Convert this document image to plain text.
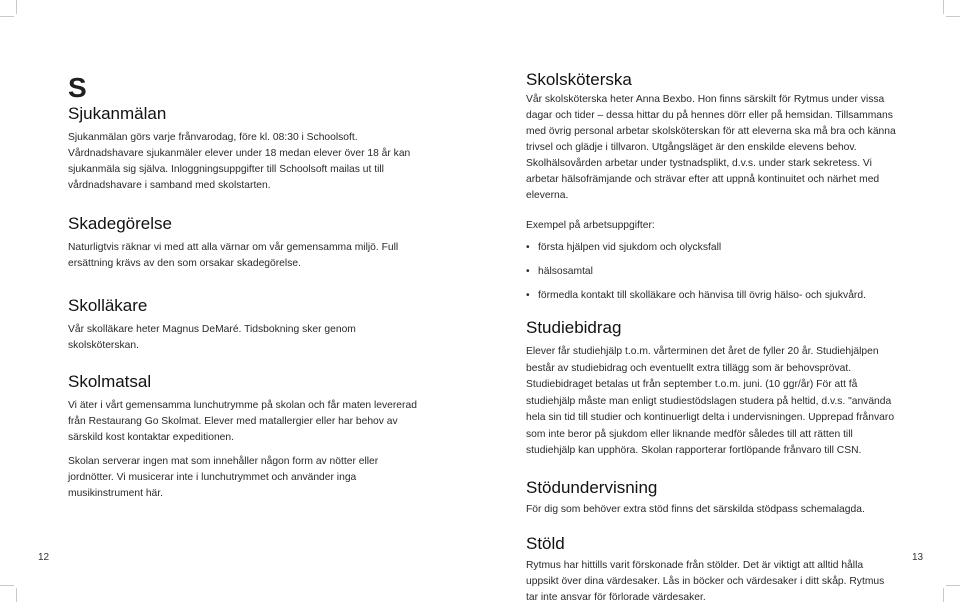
S
Sjukanmälan

Sjukanmälan görs varje frånvarodag, före kl. 08:30 i Schoolsoft. Vårdnadshavare sjukanmäler elever under 18 medan elever över 18 år kan sjukanmäla sig själva. Inloggningsuppgifter till Schoolsoft mailas ut till vårdnadshavare i samband med skolstarten.

Skadegörelse

Naturligtvis räknar vi med att alla värnar om vår gemensamma miljö. Full ersättning krävs av den som orsakar skadegörelse.

Skolläkare

Vår skolläkare heter Magnus DeMaré. Tidsbokning sker genom skolsköterskan.

Skolmatsal

Vi äter i vårt gemensamma lunchutrymme på skolan och får maten levererad från Restaurang Go Skolmat. Elever med matallergier eller har behov av särskild kost kontaktar expeditionen.

Skolan serverar ingen mat som innehåller någon form av nötter eller jordnötter. Vi musicerar inte i lunchutrymmet och använder inga musikinstrument här.

12
Skolsköterska

Vår skolsköterska heter Anna Bexbo. Hon finns särskilt för Rytmus under vissa dagar och tider – dessa hittar du på hennes dörr eller på hemsidan. Tillsammans med övrig personal arbetar skolsköterskan för att eleverna ska må bra och känna trivsel och glädje i tillvaron. Utgångsläget är den enskilde elevens behov. Skolhälsovården arbetar under tystnadsplikt, d.v.s. under stark sekretess. Vi arbetar hälsofrämjande och strävar efter att uppnå kontinuitet och närhet med eleverna.

Exempel på arbetsuppgifter:

• första hjälpen vid sjukdom och olycksfall
• hälsosamtal
• förmedla kontakt till skolläkare och hänvisa till övrig hälso- och sjukvård.
Studiebidrag

Elever får studiehjälp t.o.m. vårterminen det året de fyller 20 år. Studiehjälpen består av studiebidrag och eventuellt extra tillägg som är behovsprövat. Studiebidraget betalas ut från september t.o.m. juni. (10 ggr/år) För att få studiehjälp måste man enligt studiestödslagen studera på heltid, d.v.s. "använda hela sin tid till studier och kontinuerligt delta i undervisningen. Upprepad frånvaro som inte beror på sjukdom eller liknande medför således till att rätten till studiehjälp kan upphöra. Skolan rapporterar fortlöpande frånvaro till CSN.

Stödundervisning

För dig som behöver extra stöd finns det särskilda stödpass schemalagda.

Stöld

Rytmus har hittills varit förskonade från stölder. Det är viktigt att alltid hålla uppsikt över dina värdesaker. Lås in böcker och värdesaker i ditt skåp. Rytmus tar inte ansvar för förlorade värdesaker.

13
